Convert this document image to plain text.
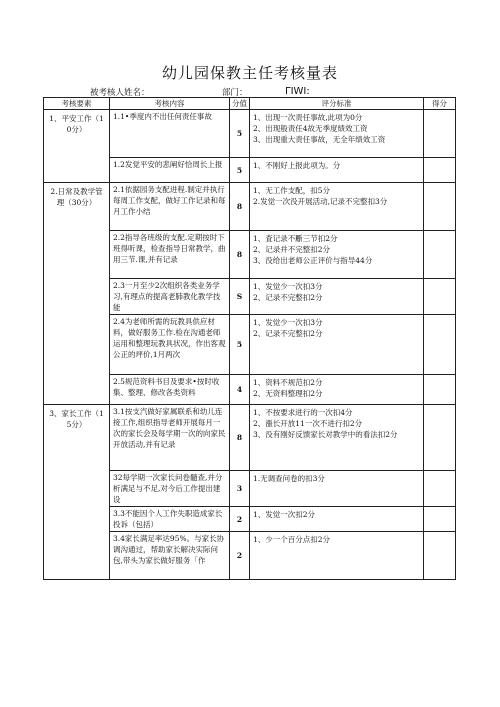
幼儿园保教主任考核量表
被考核人姓名：	部门：	ΓIWI:
考核要素	考核内容	分值	评分标准	得分
1、平安工作（10分）	1.1•季度内不出任何责任事故	5	1、出现一次责任事故,此项为0分
2、出现般责任4故无季度绩效工资
3、出现重大责任事故，无全年绩效工资	

	1.2发觉平安的悲阐好恰周长上报	5	1、不刚好上报此项为。分	

2.日常及教学管理（30分）	2.1依据园务支配进程.制定并执行每周工作支配，做好工作记录和每月工作小结	8	1、无工作支配，扣5分
2.发觉一次没开展活动,记录不完整扣3分	

	2.2指导各班级的支配.定期按时下班得听课，检查指导日常教学，曲用三节.课,并有记录	8	1、査记录不斸三节扣2分
2、记录并不完整扣2分
3、没给出老师公正评价与指导44分	

	2.3一月至少2次组织各类业务学习,有理点的提高老肺教化教学技能	S	1、发觉少一次扣3分
2、记录不完整扣2分	

	2.4为老师所需的玩教具供应材料，做好服务工作.检在沟通老师运用和整理玩教具状况，作出客观公正的坪价,1月两次	5	1、发觉少一次扣3分
2、记录不完整扣2分	

	2.5规范资料书目及要求•按时收集、整理、修改各类资料	4	1、资料不规范扣2分
2、无资料整理扣2分	

3、家长工作（15分）	3.1按支汽做好家属联系和幼儿连接工作,组织指导老师开展每月一次的家长会及每学期一次的向家民开放活动,并有记录	8	1、不按要求进行的一次扣4分
2、漲长开放11一次不进行扣2分
3、没有刚好反馈家长对教学中的看法扣2分	

	32每学期一次家长问卷髓查,并分析满足与不足,对今后工作提出建设	3	1.无调查问卷的扣3分	

	3.3不能因个人工作失职造成家长投诉（包括）	2	1、发觉一次扣2分	

	3.4家长满足率达95%。与家长协调沟通过，帮助家长解决实际问包,带头为家长做好服务「作	2	1、少一个百分点扣2分	
